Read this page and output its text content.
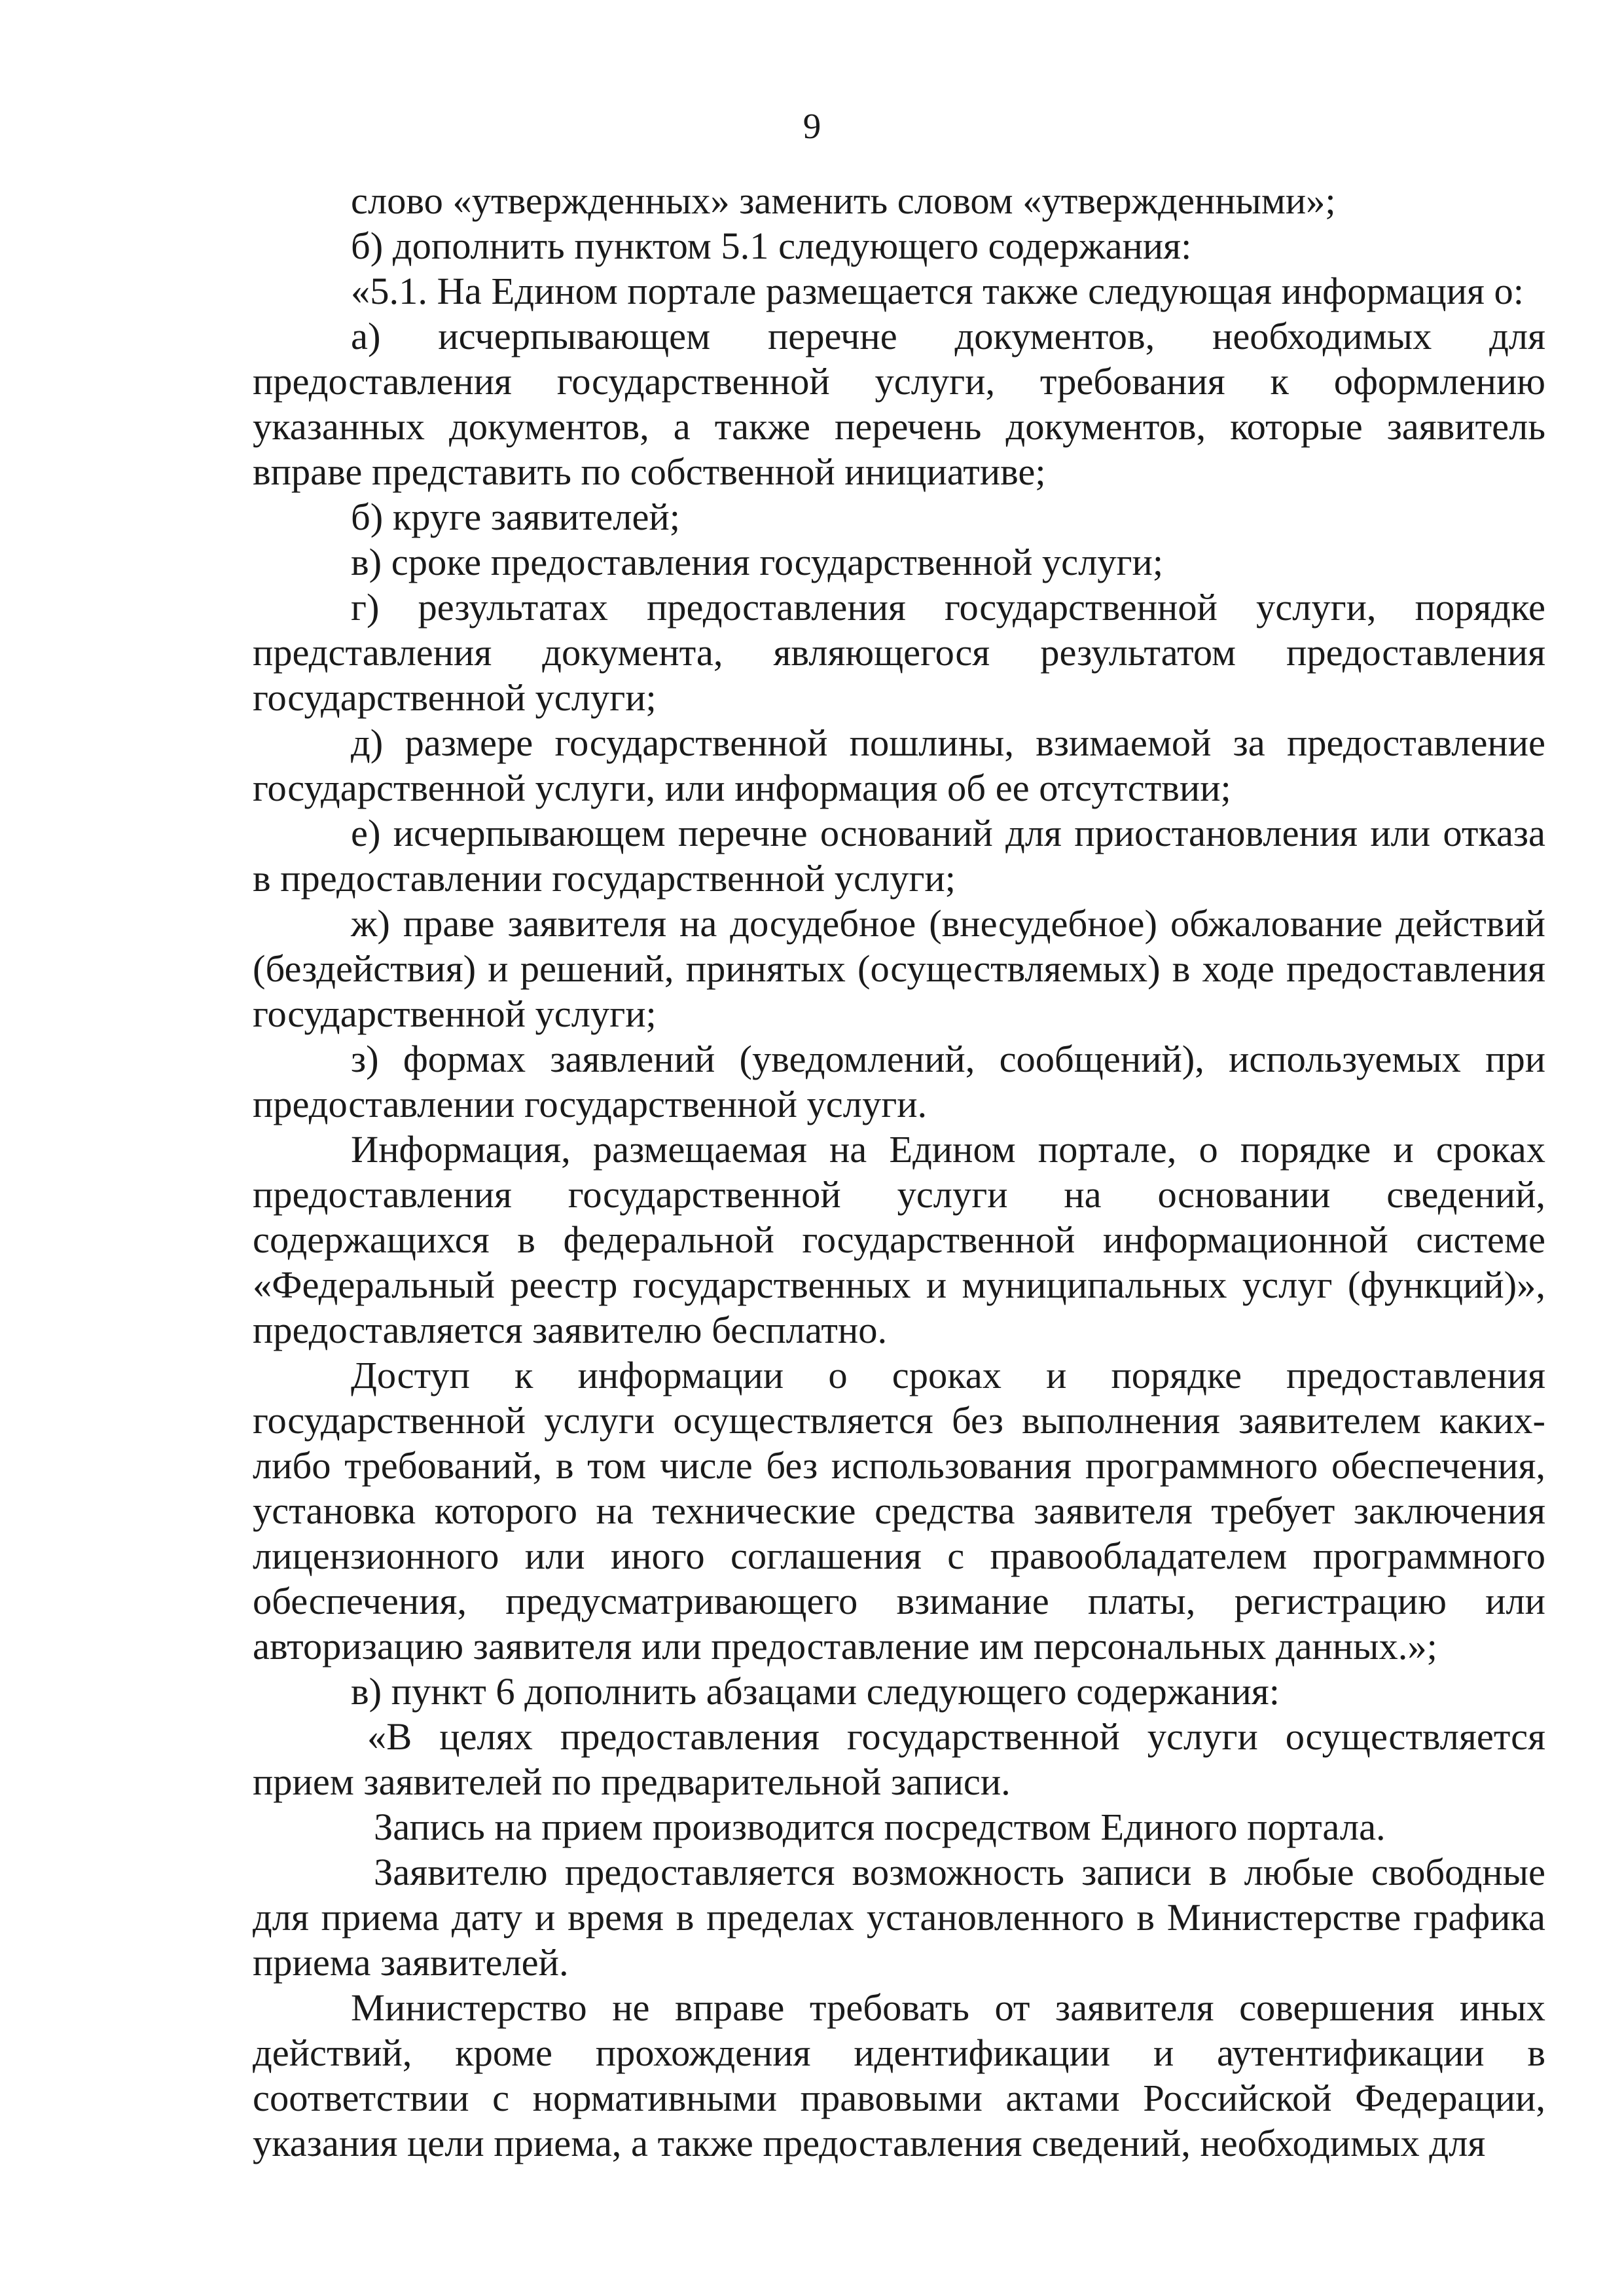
9

слово «утвержденных» заменить словом «утвержденными»;

б) дополнить пунктом 5.1 следующего содержания:

«5.1. На Едином портале размещается также следующая информация о:

а) исчерпывающем перечне документов, необходимых для предоставления государственной услуги, требования к оформлению указанных документов, а также перечень документов, которые заявитель вправе представить по собственной инициативе;

б) круге заявителей;

в) сроке предоставления государственной услуги;

г) результатах предоставления государственной услуги, порядке представления документа, являющегося результатом предоставления государственной услуги;

д) размере государственной пошлины, взимаемой за предоставление государственной услуги, или информация об ее отсутствии;

е) исчерпывающем перечне оснований для приостановления или отказа в предоставлении государственной услуги;

ж) праве заявителя на досудебное (внесудебное) обжалование действий (бездействия) и решений, принятых (осуществляемых) в ходе предоставления государственной услуги;

з) формах заявлений (уведомлений, сообщений), используемых при предоставлении государственной услуги.

Информация, размещаемая на Едином портале, о порядке и сроках предоставления государственной услуги на основании сведений, содержащихся в федеральной государственной информационной системе «Федеральный реестр государственных и муниципальных услуг (функций)», предоставляется заявителю бесплатно.

Доступ к информации о сроках и порядке предоставления государственной услуги осуществляется без выполнения заявителем каких-либо требований, в том числе без использования программного обеспечения, установка которого на технические средства заявителя требует заключения лицензионного или иного соглашения с правообладателем программного обеспечения, предусматривающего взимание платы, регистрацию или авторизацию заявителя или предоставление им персональных данных.»;

в) пункт 6 дополнить абзацами следующего содержания:

«В целях предоставления государственной услуги осуществляется прием заявителей по предварительной записи.

Запись на прием производится посредством Единого портала.

Заявителю предоставляется возможность записи в любые свободные для приема дату и время в пределах установленного в Министерстве графика приема заявителей.

Министерство не вправе требовать от заявителя совершения иных действий, кроме прохождения идентификации и аутентификации в соответствии с нормативными правовыми актами Российской Федерации, указания цели приема, а также предоставления сведений, необходимых для
